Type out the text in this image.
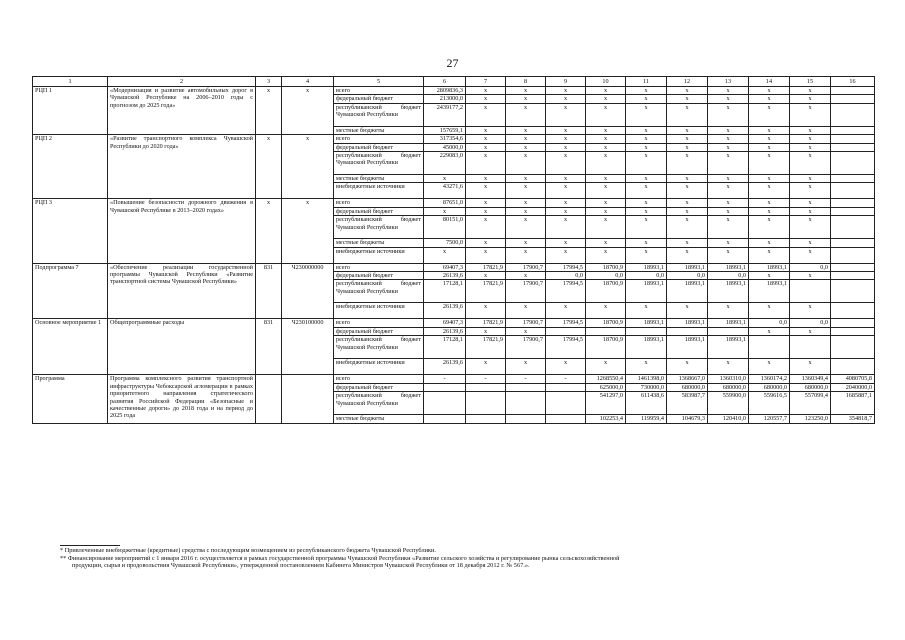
27
1	2	3	4	5	6	7	8	9	10	11	12	13	14	15	16
РЦП 1	«Модернизация и развитие автомобильных дорог в Чувашской Республике на 2006–2010 годы с прогнозом до 2025 года»	х	х	всего	2809836,3	х	х	х	х	х	х	х	х	х	
				федеральный бюджет	213000,0	х	х	х	х	х	х	х	х	х	
				республиканский бюджет Чувашской Республики	2439177,2	х	х	х	х	х	х	х	х	х	
				местные бюджеты	157659,1	х	х	х	х	х	х	х	х	х	
РЦП 2	«Развитие транспортного комплекса Чувашской Республики до 2020 года»	х	х	всего	317354,6	х	х	х	х	х	х	х	х	х	
				федеральный бюджет	45000,0	х	х	х	х	х	х	х	х	х	
				республиканский бюджет Чувашской Республики	229083,0	х	х	х	х	х	х	х	х	х	
				местные бюджеты	х	х	х	х	х	х	х	х	х	х	
				внебюджетные источники	43271,6	х	х	х	х	х	х	х	х	х	
РЦП 3	«Повышение безопасности дорожного движения в Чувашской Республике в 2013–2020 годах»	х	х	всего	87651,0	х	х	х	х	х	х	х	х	х	
				федеральный бюджет	х	х	х	х	х	х	х	х	х	х	
				республиканский бюджет Чувашской Республики	80151,0	х	х	х	х	х	х	х	х	х	
				местные бюджеты	7500,0	х	х	х	х	х	х	х	х	х	
				внебюджетные источники	х	х	х	х	х	х	х	х	х	х	
Подпрограмма 7	«Обеспечение реализации государственной программы Чувашской Республики «Развитие транспортной системы Чувашской Республики»	831	Ч230000000	всего	69407,3	17821,9	17900,7	17994,5	18700,9	18993,1	18993,1	18993,1	18993,1	0,0	
				федеральный бюджет	26139,6	х	х	0,0	0,0	0,0	0,0	0,0	х	х	
				республиканский бюджет Чувашской Республики	17128,1	17821,9	17900,7	17994,5	18700,9	18993,1	18993,1	18993,1	18993,1		
				внебюджетные источники	26139,6	х	х	х	х	х	х	х	х	х	
Основное мероприятие 1	Общепрограммные расходы	831	Ч230100000	всего	69407,3	17821,9	17900,7	17994,5	18700,9	18993,1	18993,1	18993,1	0,0	0,0	
				федеральный бюджет	26139,6	х	х						х	х	
				республиканский бюджет Чувашской Республики	17128,1	17821,9	17900,7	17994,5	18700,9	18993,1	18993,1	18993,1			
				внебюджетные источники	26139,6	х	х	х	х	х	х	х	х	х	
Программа	Программа комплексного развития транспортной инфраструктуры Чебоксарской агломерации в рамках приоритетного направления стратегического развития Российской Федерации «Безопасные и качественные дороги» до 2018 года и на период до 2025 года			всего	-	-	-	-	1268550,4	1461398,0	1368667,0	1360310,0	1360174,2	1360349,4	4080705,8
				федеральный бюджет					625000,0	730000,0	680000,0	680000,0	680000,0	680000,0	2040000,0
				республиканский бюджет Чувашской Республики					541297,0	611438,6	583987,7	559900,0	559616,5	557099,4	1685887,1
				местные бюджеты					102253,4	119959,4	104679,3	120410,0	120557,7	123250,0	354818,7
* Привлеченные внебюджетные (кредитные) средства с последующим возмещением из республиканского бюджета Чувашской Республики.
** Финансирование мероприятий с 1 января 2016 г. осуществляется в рамках государственной программы Чувашской Республики «Развитие сельского хозяйства и регулирование рынка сельскохозяйственной
продукции, сырья и продовольствия Чувашской Республики», утвержденной постановлением Кабинета Министров Чувашской Республики от 18 декабря 2012 г. № 567.».
